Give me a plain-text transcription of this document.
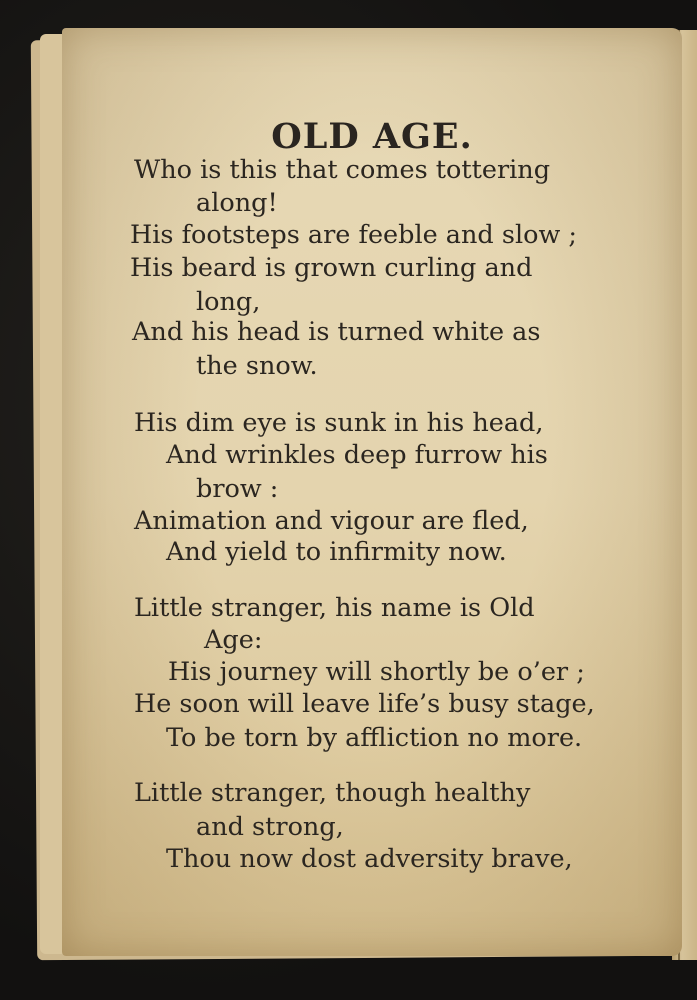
OLD AGE.
Who is this that comes tottering
along!
His footsteps are feeble and slow ;
His beard is grown curling and
long,
And his head is turned white as
the snow.
His dim eye is sunk in his head,
And wrinkles deep furrow his
brow :
Animation and vigour are fled,
And yield to infirmity now.
Little stranger, his name is Old
Age:
His journey will shortly be o’er ;
He soon will leave life’s busy stage,
To be torn by affliction no more.
Little stranger, though healthy
and strong,
Thou now dost adversity brave,
